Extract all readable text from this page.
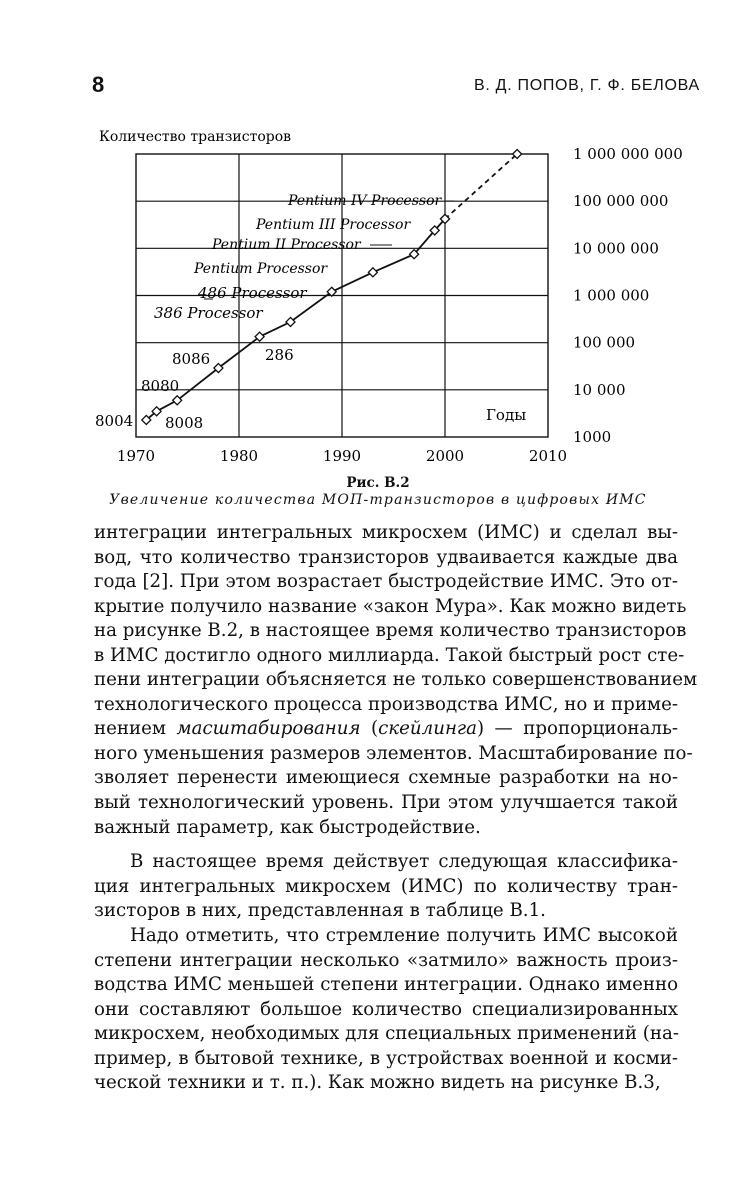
8	В. Д. ПОПОВ, Г. Ф. БЕЛОВА
1970	1980	1990	2000	2010
1000
10 000
100 000
1 000 000
10 000 000
100 000 000
1 000 000 000
Количество транзисторов
Годы
8004 8008
8080
8086	286
386 Processor
486 Processor
Pentium Processor
Pentium II Processor
Pentium III Processor
Pentium IV Processor
Рис. В.2
Увеличение количества МОП-транзисторов в цифровых ИМС
интеграции интегральных микросхем (ИМС) и сделал вы-
вод, что количество транзисторов удваивается каждые два
года [2]. При этом возрастает быстродействие ИМС. Это от-
крытие получило название «закон Мура». Как можно видеть
на рисунке В.2, в настоящее время количество транзисторов
в ИМС достигло одного миллиарда. Такой быстрый рост сте-
пени интеграции объясняется не только совершенствованием
технологического процесса производства ИМС, но и приме-
нением масштабирования (скейлинга) — пропорциональ-
ного уменьшения размеров элементов. Масштабирование по-
зволяет перенести имеющиеся схемные разработки на но-
вый технологический уровень. При этом улучшается такой
важный параметр, как быстродействие.
В настоящее время действует следующая классифика-
ция интегральных микросхем (ИМС) по количеству тран-
зисторов в них, представленная в таблице В.1.
Надо отметить, что стремление получить ИМС высокой
степени интеграции несколько «затмило» важность произ-
водства ИМС меньшей степени интеграции. Однако именно
они составляют большое количество специализированных
микросхем, необходимых для специальных применений (на-
пример, в бытовой технике, в устройствах военной и косми-
ческой техники и т. п.). Как можно видеть на рисунке В.3,
